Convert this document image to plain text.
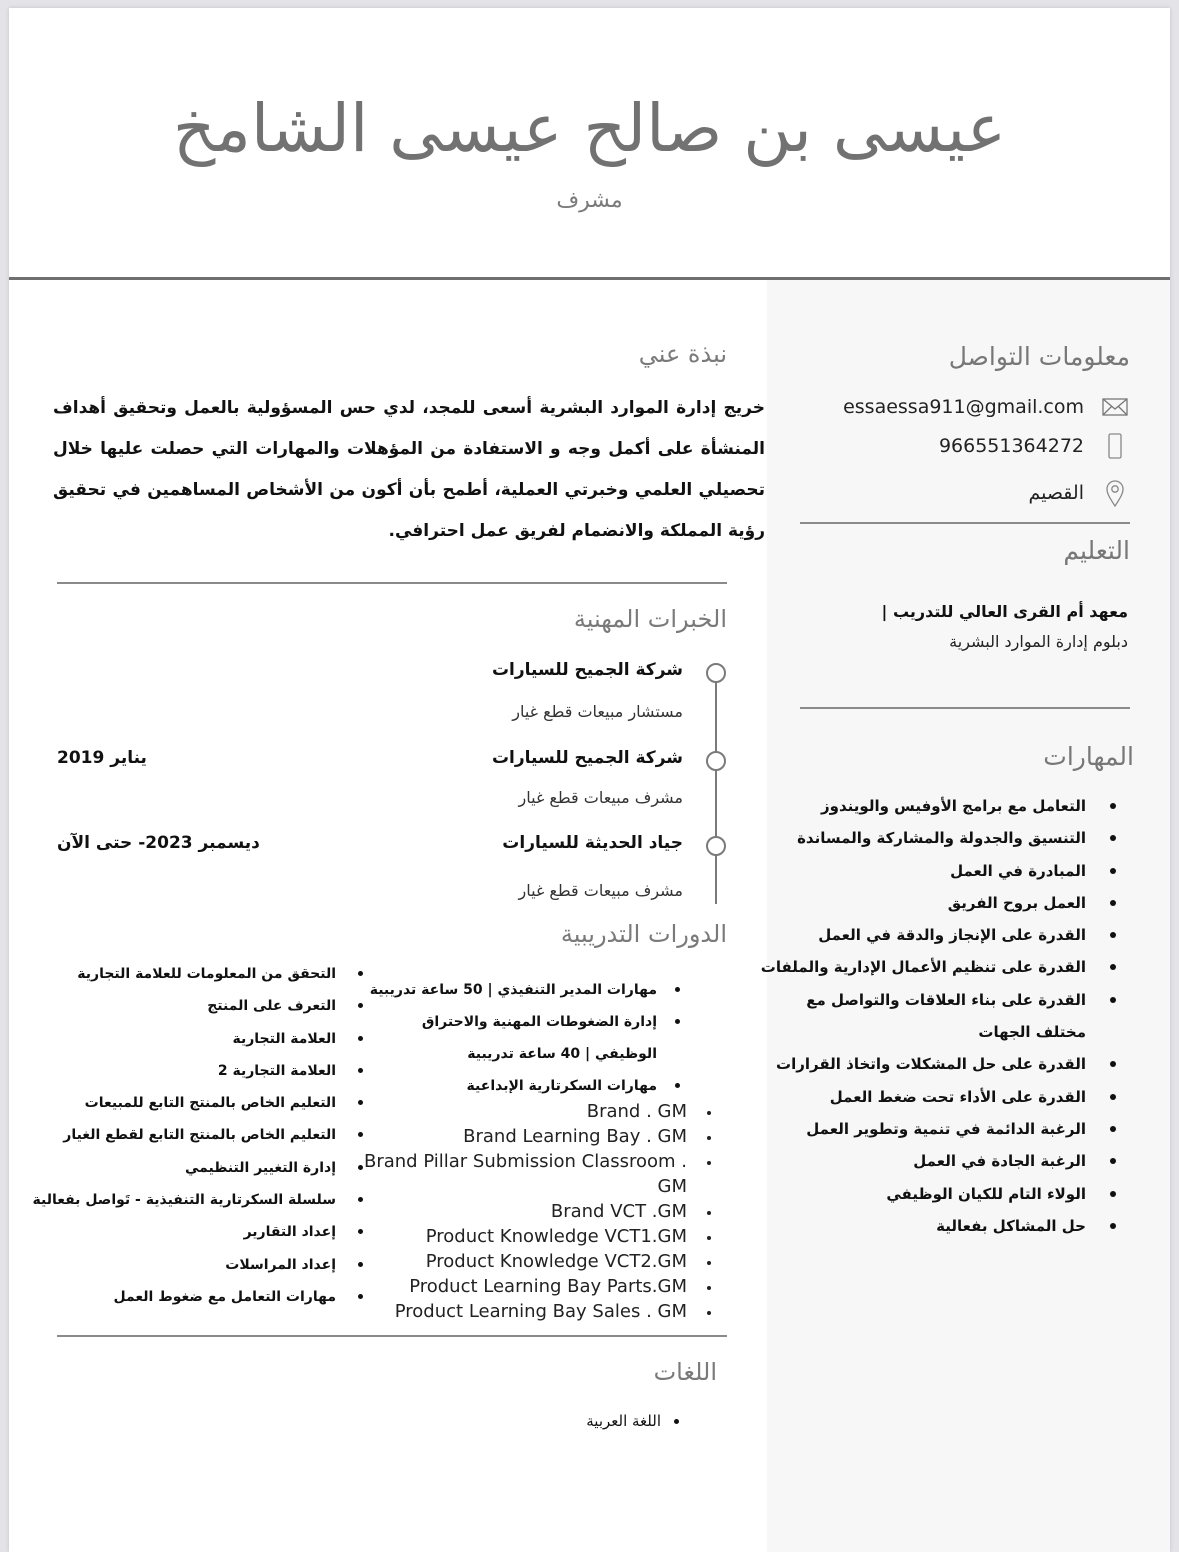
عيسى بن صالح عيسى الشامخ
مشرف
نبذة عني
خريج إدارة الموارد البشرية أسعى للمجد، لدي حس المسؤولية بالعمل وتحقيق أهداف المنشأة على أكمل وجه و الاستفادة من المؤهلات والمهارات التي حصلت عليها خلال تحصيلي العلمي وخبرتي العملية، أطمح بأن أكون من الأشخاص المساهمين في تحقيق رؤية المملكة والانضمام لفريق عمل احترافي.
الخبرات المهنية
شركة الجميح للسيارات
مستشار مبيعات قطع غيار
شركة الجميح للسيارات
يناير 2019
مشرف مبيعات قطع غيار
جياد الحديثة للسيارات
ديسمبر 2023- حتى الآن
مشرف مبيعات قطع غيار
الدورات التدريبية
مهارات المدير التنفيذي | 50 ساعة تدريبية
إدارة الضغوطات المهنية والاحتراق
الوظيفي | 40 ساعة تدريبية
مهارات السكرتارية الإبداعية
Brand . GM
Brand Learning Bay . GM
Brand Pillar Submission Classroom .
GM
Brand VCT .GM
Product Knowledge VCT1.GM
Product Knowledge VCT2.GM
Product Learning Bay Parts.GM
Product Learning Bay Sales . GM
التحقق من المعلومات للعلامة التجارية
التعرف على المنتج
العلامة التجارية
العلامة التجارية 2
التعليم الخاص بالمنتج التابع للمبيعات
التعليم الخاص بالمنتج التابع لقطع الغيار
إدارة التغيير التنظيمي
سلسلة السكرتارية التنفيذية - تَواصل بفعالية
إعداد التقارير
إعداد المراسلات
مهارات التعامل مع ضغوط العمل
اللغات
اللغة العربية
معلومات التواصل
essaessa911@gmail.com
966551364272
القصيم
التعليم
معهد أم القرى العالي للتدريب |
دبلوم إدارة الموارد البشرية
المهارات
التعامل مع برامج الأوفيس والويندوز
التنسيق والجدولة والمشاركة والمساندة
المبادرة في العمل
العمل بروح الفريق
القدرة على الإنجاز والدقة في العمل
القدرة على تنظيم الأعمال الإدارية والملفات
القدرة على بناء العلاقات والتواصل مع
مختلف الجهات
القدرة على حل المشكلات واتخاذ القرارات
القدرة على الأداء تحت ضغط العمل
الرغبة الدائمة في تنمية وتطوير العمل
الرغبة الجادة في العمل
الولاء التام للكيان الوظيفي
حل المشاكل بفعالية
